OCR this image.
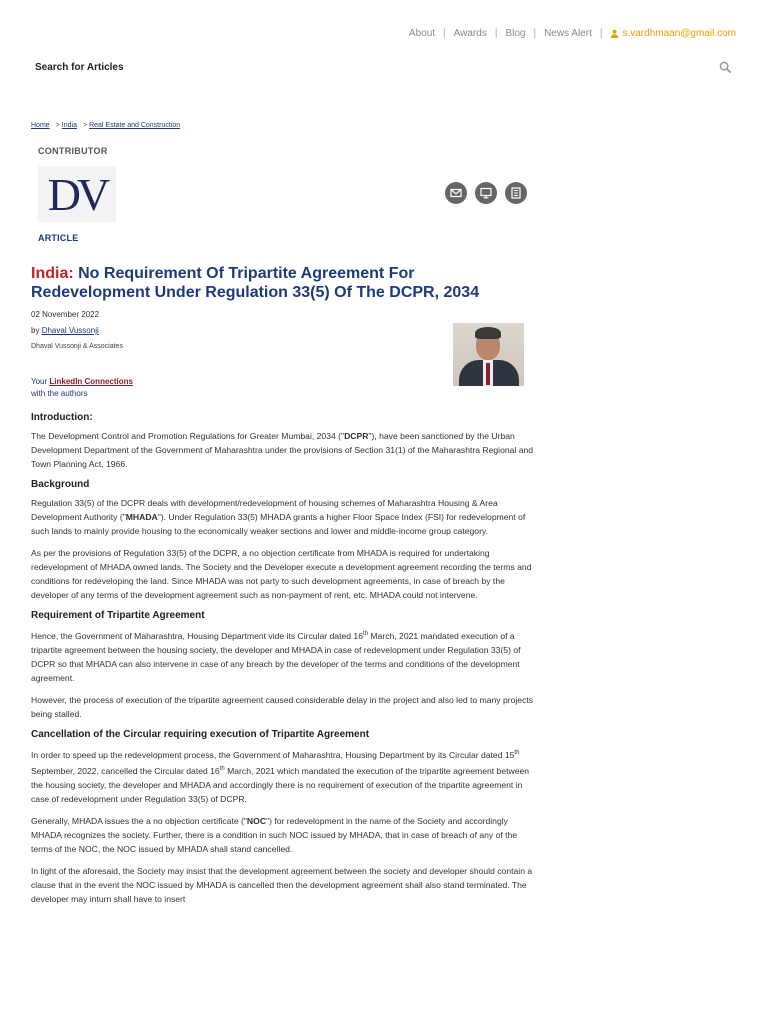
About | Awards | Blog | News Alert | s.vardhmaan@gmail.com
Search for Articles
Home > India > Real Estate and Construction
CONTRIBUTOR
DV
ARTICLE
India: No Requirement Of Tripartite Agreement For Redevelopment Under Regulation 33(5) Of The DCPR, 2034
02 November 2022
by Dhaval Vussonji
Dhaval Vussonji & Associates
Your LinkedIn Connections
with the authors
Introduction:

The Development Control and Promotion Regulations for Greater Mumbai, 2034 ("DCPR"), have been sanctioned by the Urban Development Department of the Government of Maharashtra under the provisions of Section 31(1) of the Maharashtra Regional and Town Planning Act, 1966.

Background

Regulation 33(5) of the DCPR deals with development/redevelopment of housing schemes of Maharashtra Housing & Area Development Authority ("MHADA"). Under Regulation 33(5) MHADA grants a higher Floor Space Index (FSI) for redevelopment of such lands to mainly provide housing to the economically weaker sections and lower and middle-income group category.

As per the provisions of Regulation 33(5) of the DCPR, a no objection certificate from MHADA is required for undertaking redevelopment of MHADA owned lands. The Society and the Developer execute a development agreement recording the terms and conditions for redeveloping the land. Since MHADA was not party to such development agreements, in case of breach by the developer of any terms of the development agreement such as non-payment of rent, etc. MHADA could not intervene.

Requirement of Tripartite Agreement

Hence, the Government of Maharashtra, Housing Department vide its Circular dated 16th March, 2021 mandated execution of a tripartite agreement between the housing society, the developer and MHADA in case of redevelopment under Regulation 33(5) of DCPR so that MHADA can also intervene in case of any breach by the developer of the terms and conditions of the development agreement.

However, the process of execution of the tripartite agreement caused considerable delay in the project and also led to many projects being stalled.

Cancellation of the Circular requiring execution of Tripartite Agreement

In order to speed up the redevelopment process, the Government of Maharashtra, Housing Department by its Circular dated 15th September, 2022, cancelled the Circular dated 16th March, 2021 which mandated the execution of the tripartite agreement between the housing society, the developer and MHADA and accordingly there is no requirement of execution of the tripartite agreement in case of redevelopment under Regulation 33(5) of DCPR.

Generally, MHADA issues the a no objection certificate ("NOC") for redevelopment in the name of the Society and accordingly MHADA recognizes the society. Further, there is a condition in such NOC issued by MHADA, that in case of breach of any of the terms of the NOC, the NOC issued by MHADA shall stand cancelled.

In light of the aforesaid, the Society may insist that the development agreement between the society and developer should contain a clause that in the event the NOC issued by MHADA is cancelled then the development agreement shall also stand terminated. The developer may inturn shall have to insert
